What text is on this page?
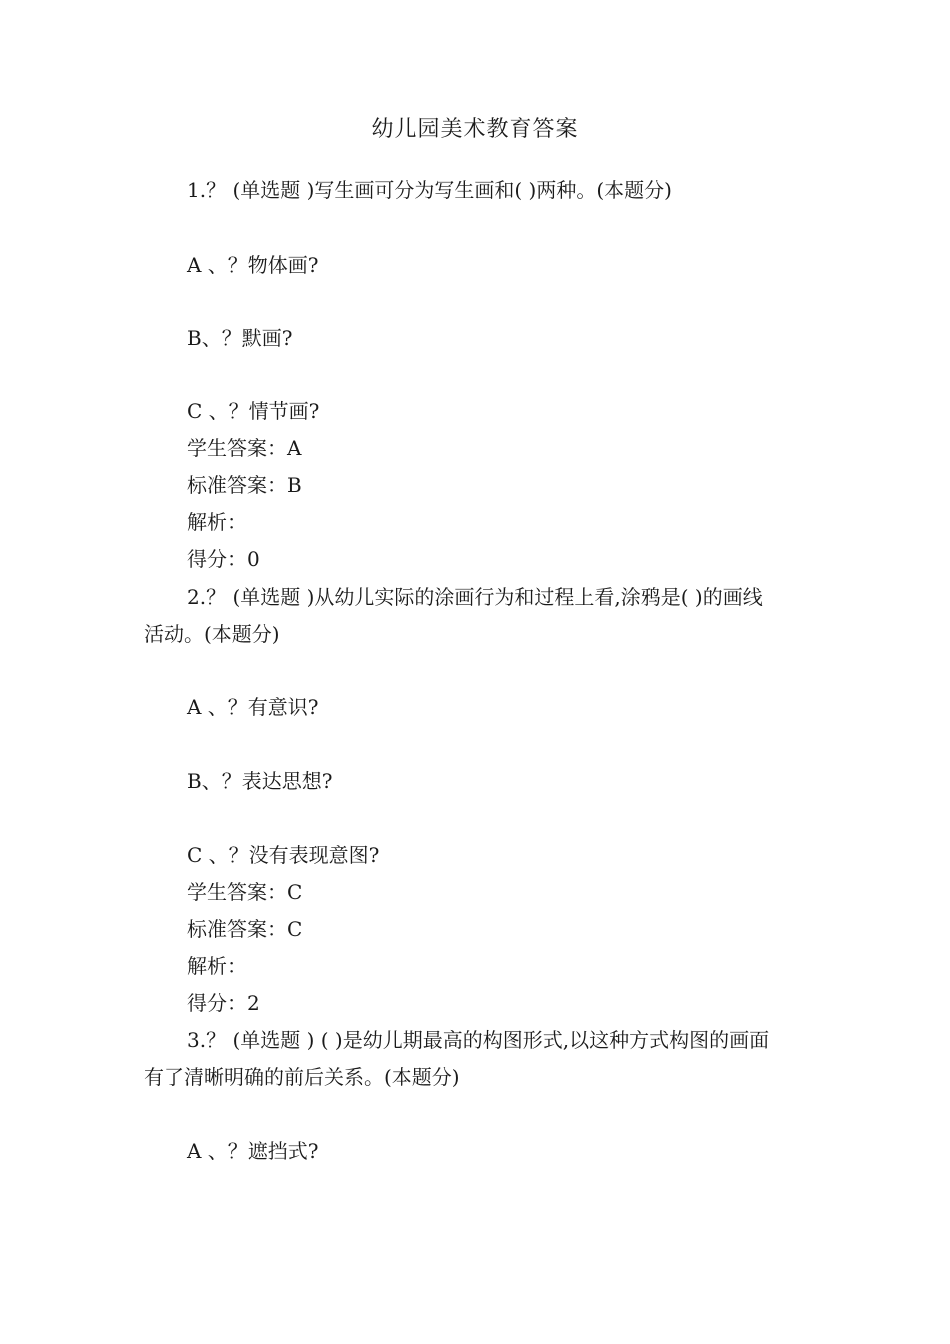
幼儿园美术教育答案
1.？ (单选题 )写生画可分为写生画和( )两种。(本题分)
A 、？物体画?
B、？默画?
C 、？情节画?
学生答案：A
标准答案：B
解析：
得分：0
2.？ (单选题 )从幼儿实际的涂画行为和过程上看,涂鸦是( )的画线
活动。(本题分)
A 、？有意识?
B、？表达思想?
C 、？没有表现意图?
学生答案：C
标准答案：C
解析：
得分：2
3.？ (单选题 ) ( )是幼儿期最高的构图形式,以这种方式构图的画面
有了清晰明确的前后关系。(本题分)
A 、？遮挡式?
